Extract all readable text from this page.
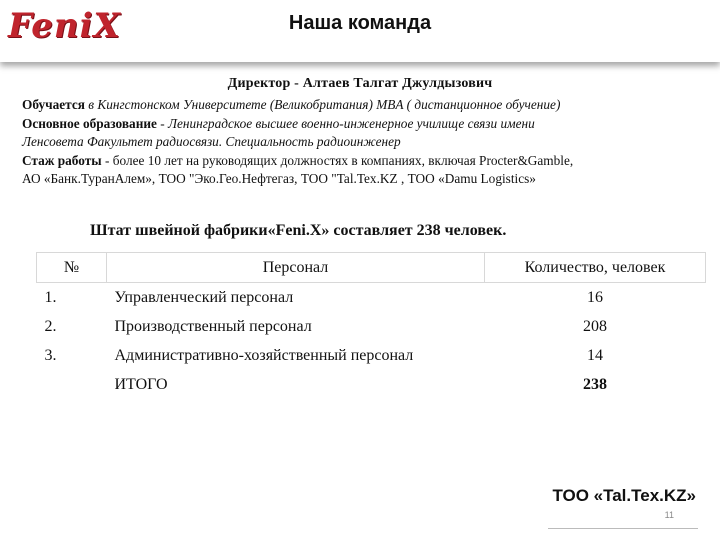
FeniX	Наша команда
Директор - Алтаев Талгат Джулдызович

Обучается в Кингстонском Университете (Великобритания) MBA ( дистанционное обучение)

Основное образование - Ленинградское высшее военно-инженерное училище связи имени

Ленсовета Факультет радиосвязи. Специальность радиоинженер

Стаж работы - более 10 лет на руководящих должностях в компаниях, включая Procter&Gamble,

АО «Банк.ТуранАлем», ТОО "Эко.Гео.Нефтегаз, ТОО "Tal.Tex.KZ , ТОО «Damu Logistics»

Штат швейной фабрики«Feni.X» составляет 238 человек.
№	Персонал	Количество, человек
1.	Управленческий персонал	16
2.	Производственный персонал	208
3.	Административно-хозяйственный персонал	14
	ИТОГО	238
ТОО «Tal.Tex.KZ»
11
